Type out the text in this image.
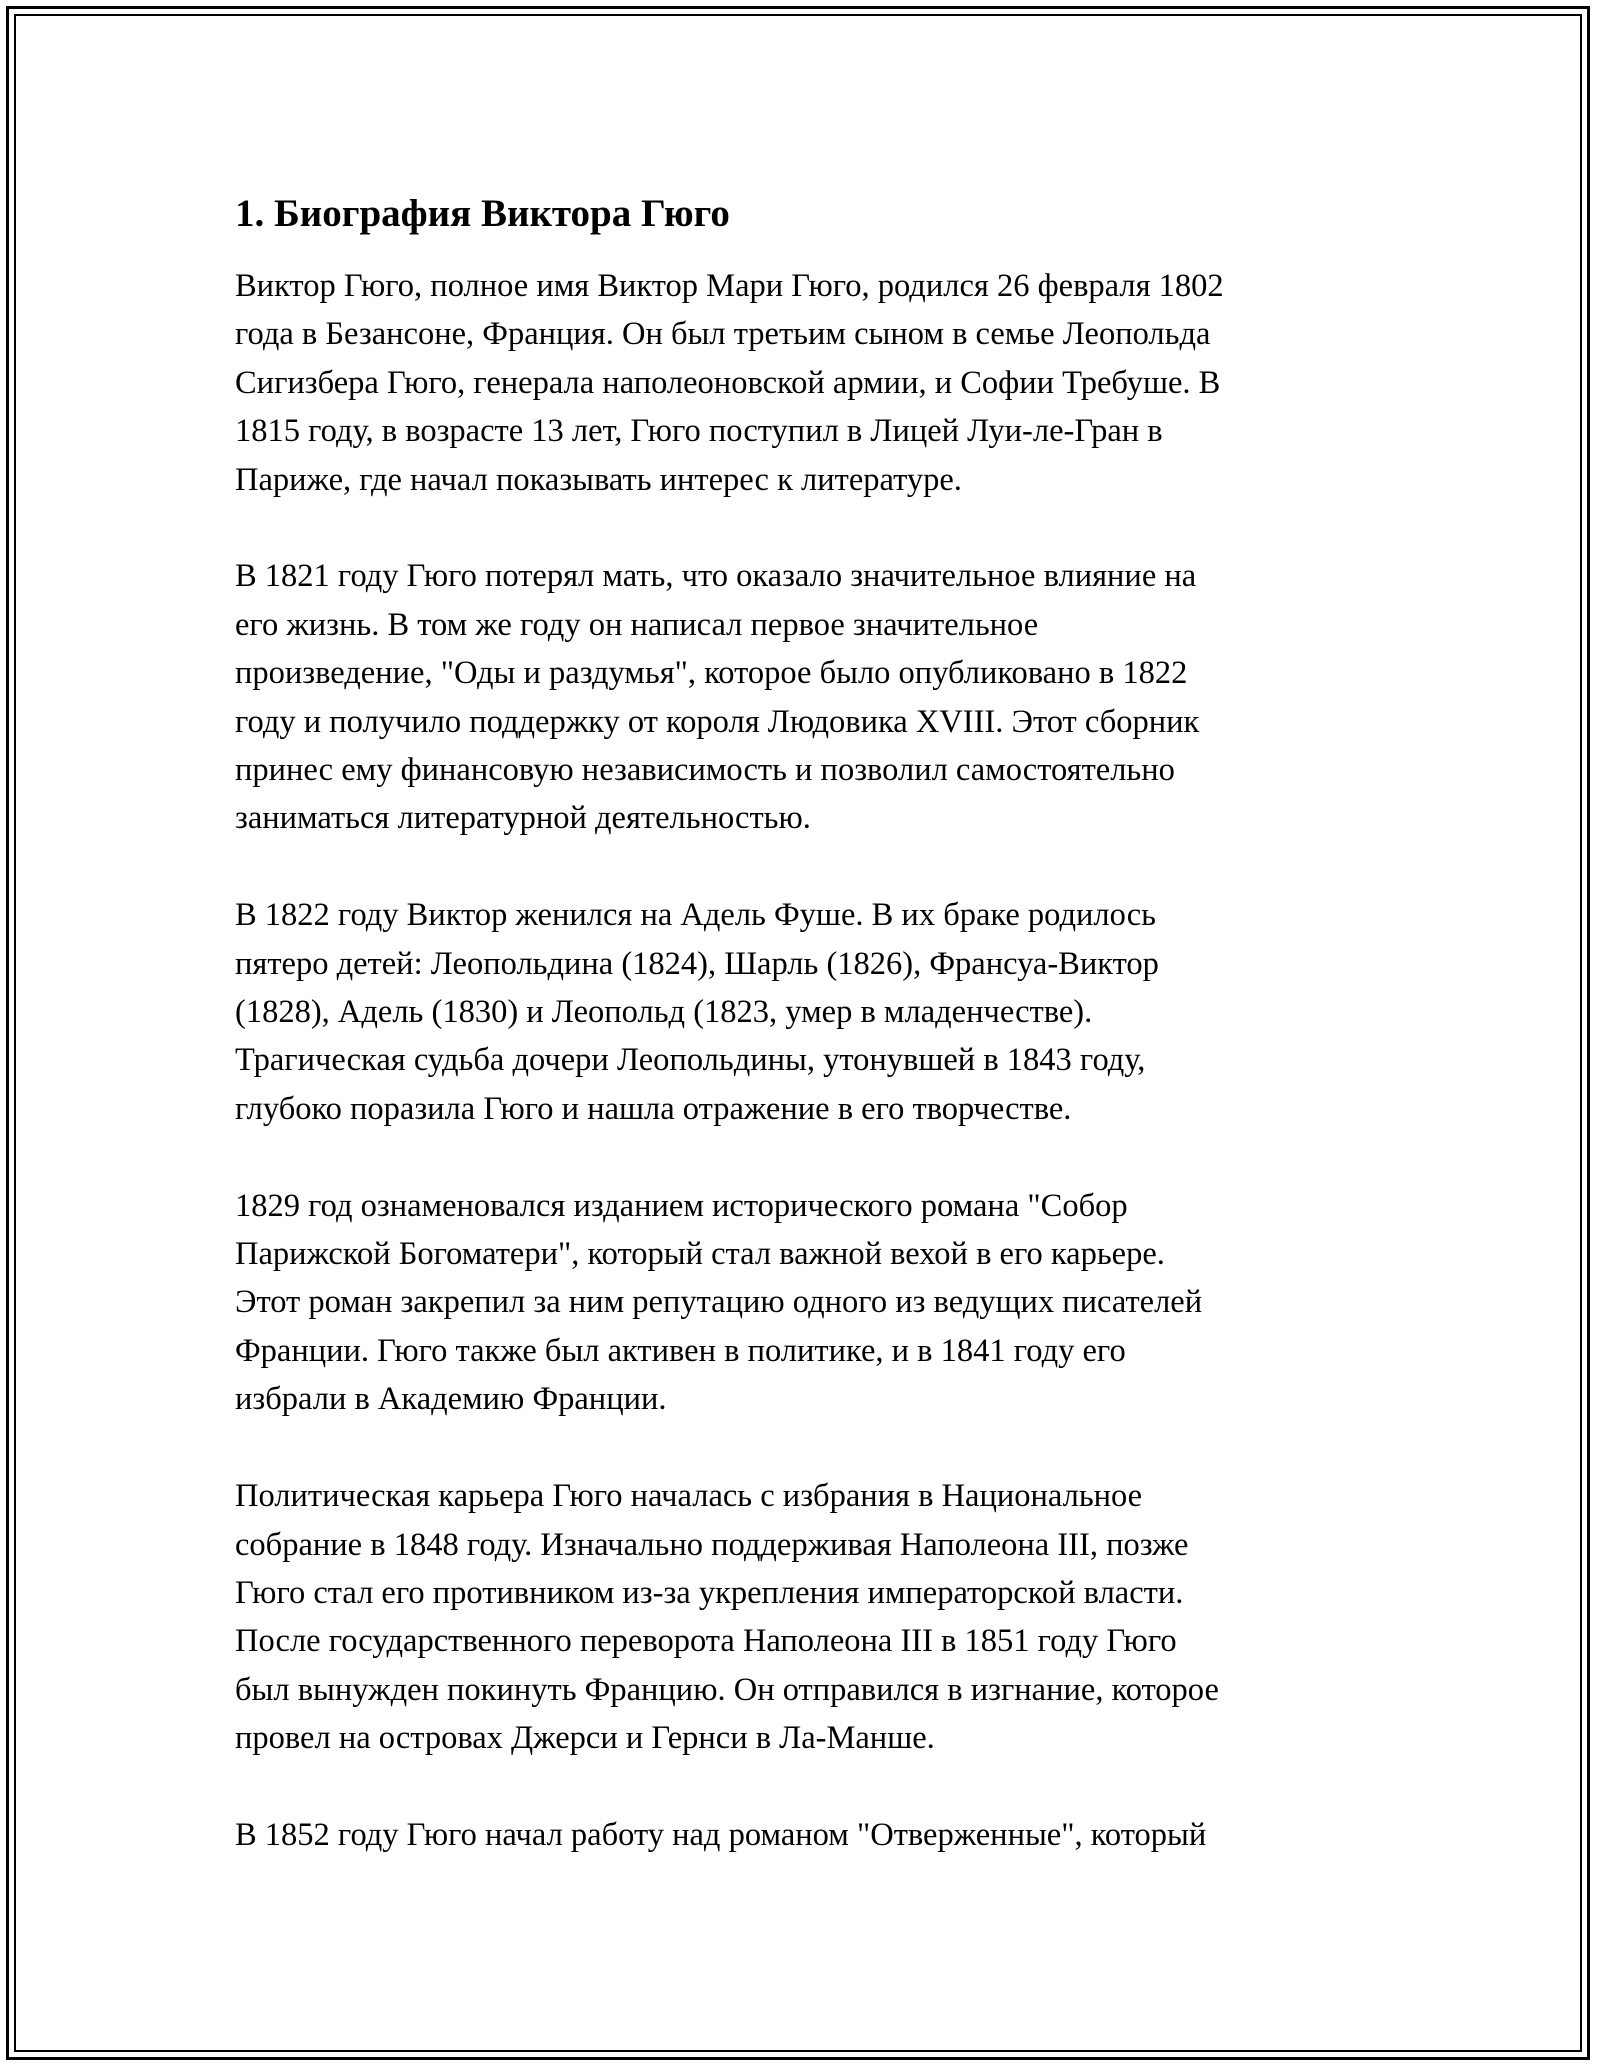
1. Биография Виктора Гюго

Виктор Гюго, полное имя Виктор Мари Гюго, родился 26 февраля 1802
года в Безансоне, Франция. Он был третьим сыном в семье Леопольда
Сигизбера Гюго, генерала наполеоновской армии, и Софии Требуше. В
1815 году, в возрасте 13 лет, Гюго поступил в Лицей Луи-ле-Гран в
Париже, где начал показывать интерес к литературе.

В 1821 году Гюго потерял мать, что оказало значительное влияние на
его жизнь. В том же году он написал первое значительное
произведение, "Оды и раздумья", которое было опубликовано в 1822
году и получило поддержку от короля Людовика XVIII. Этот сборник
принес ему финансовую независимость и позволил самостоятельно
заниматься литературной деятельностью.

В 1822 году Виктор женился на Адель Фуше. В их браке родилось
пятеро детей: Леопольдина (1824), Шарль (1826), Франсуа-Виктор
(1828), Адель (1830) и Леопольд (1823, умер в младенчестве).
Трагическая судьба дочери Леопольдины, утонувшей в 1843 году,
глубоко поразила Гюго и нашла отражение в его творчестве.

1829 год ознаменовался изданием исторического романа "Собор
Парижской Богоматери", который стал важной вехой в его карьере.
Этот роман закрепил за ним репутацию одного из ведущих писателей
Франции. Гюго также был активен в политике, и в 1841 году его
избрали в Академию Франции.

Политическая карьера Гюго началась с избрания в Национальное
собрание в 1848 году. Изначально поддерживая Наполеона III, позже
Гюго стал его противником из-за укрепления императорской власти.
После государственного переворота Наполеона III в 1851 году Гюго
был вынужден покинуть Францию. Он отправился в изгнание, которое
провел на островах Джерси и Гернси в Ла-Манше.

В 1852 году Гюго начал работу над романом "Отверженные", который
